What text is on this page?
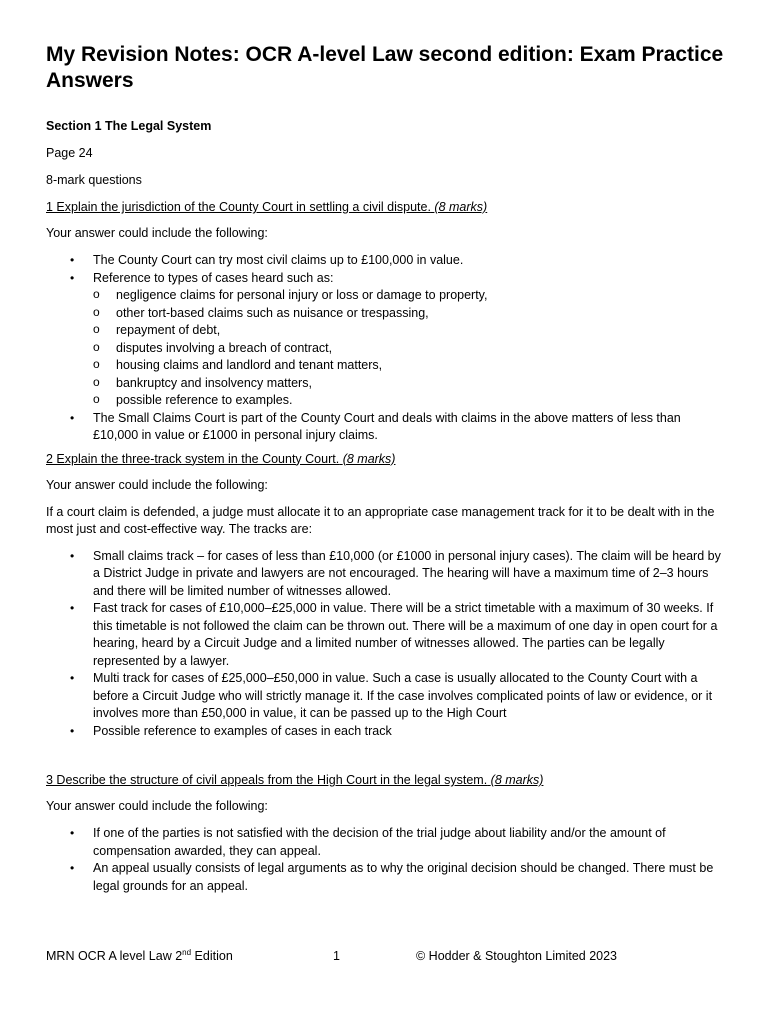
My Revision Notes: OCR A-level Law second edition: Exam Practice Answers

Section 1 The Legal System

Page 24

8-mark questions

1 Explain the jurisdiction of the County Court in settling a civil dispute. (8 marks)

Your answer could include the following:

• The County Court can try most civil claims up to £100,000 in value.
• Reference to types of cases heard such as:
o negligence claims for personal injury or loss or damage to property,
o other tort-based claims such as nuisance or trespassing,
o repayment of debt,
o disputes involving a breach of contract,
o housing claims and landlord and tenant matters,
o bankruptcy and insolvency matters,
o possible reference to examples.
• The Small Claims Court is part of the County Court and deals with claims in the above matters of less than £10,000 in value or £1000 in personal injury claims.

2 Explain the three-track system in the County Court. (8 marks)

Your answer could include the following:

If a court claim is defended, a judge must allocate it to an appropriate case management track for it to be dealt with in the most just and cost-effective way. The tracks are:

• Small claims track – for cases of less than £10,000 (or £1000 in personal injury cases). The claim will be heard by a District Judge in private and lawyers are not encouraged. The hearing will have a maximum time of 2–3 hours and there will be limited number of witnesses allowed.
• Fast track for cases of £10,000–£25,000 in value. There will be a strict timetable with a maximum of 30 weeks. If this timetable is not followed the claim can be thrown out. There will be a maximum of one day in open court for a hearing, heard by a Circuit Judge and a limited number of witnesses allowed. The parties can be legally represented by a lawyer.
• Multi track for cases of £25,000–£50,000 in value. Such a case is usually allocated to the County Court with a before a Circuit Judge who will strictly manage it. If the case involves complicated points of law or evidence, or it involves more than £50,000 in value, it can be passed up to the High Court
• Possible reference to examples of cases in each track

3 Describe the structure of civil appeals from the High Court in the legal system. (8 marks)

Your answer could include the following:

• If one of the parties is not satisfied with the decision of the trial judge about liability and/or the amount of compensation awarded, they can appeal.
• An appeal usually consists of legal arguments as to why the original decision should be changed. There must be legal grounds for an appeal.
MRN OCR A level Law 2nd Edition	1	© Hodder & Stoughton Limited 2023
